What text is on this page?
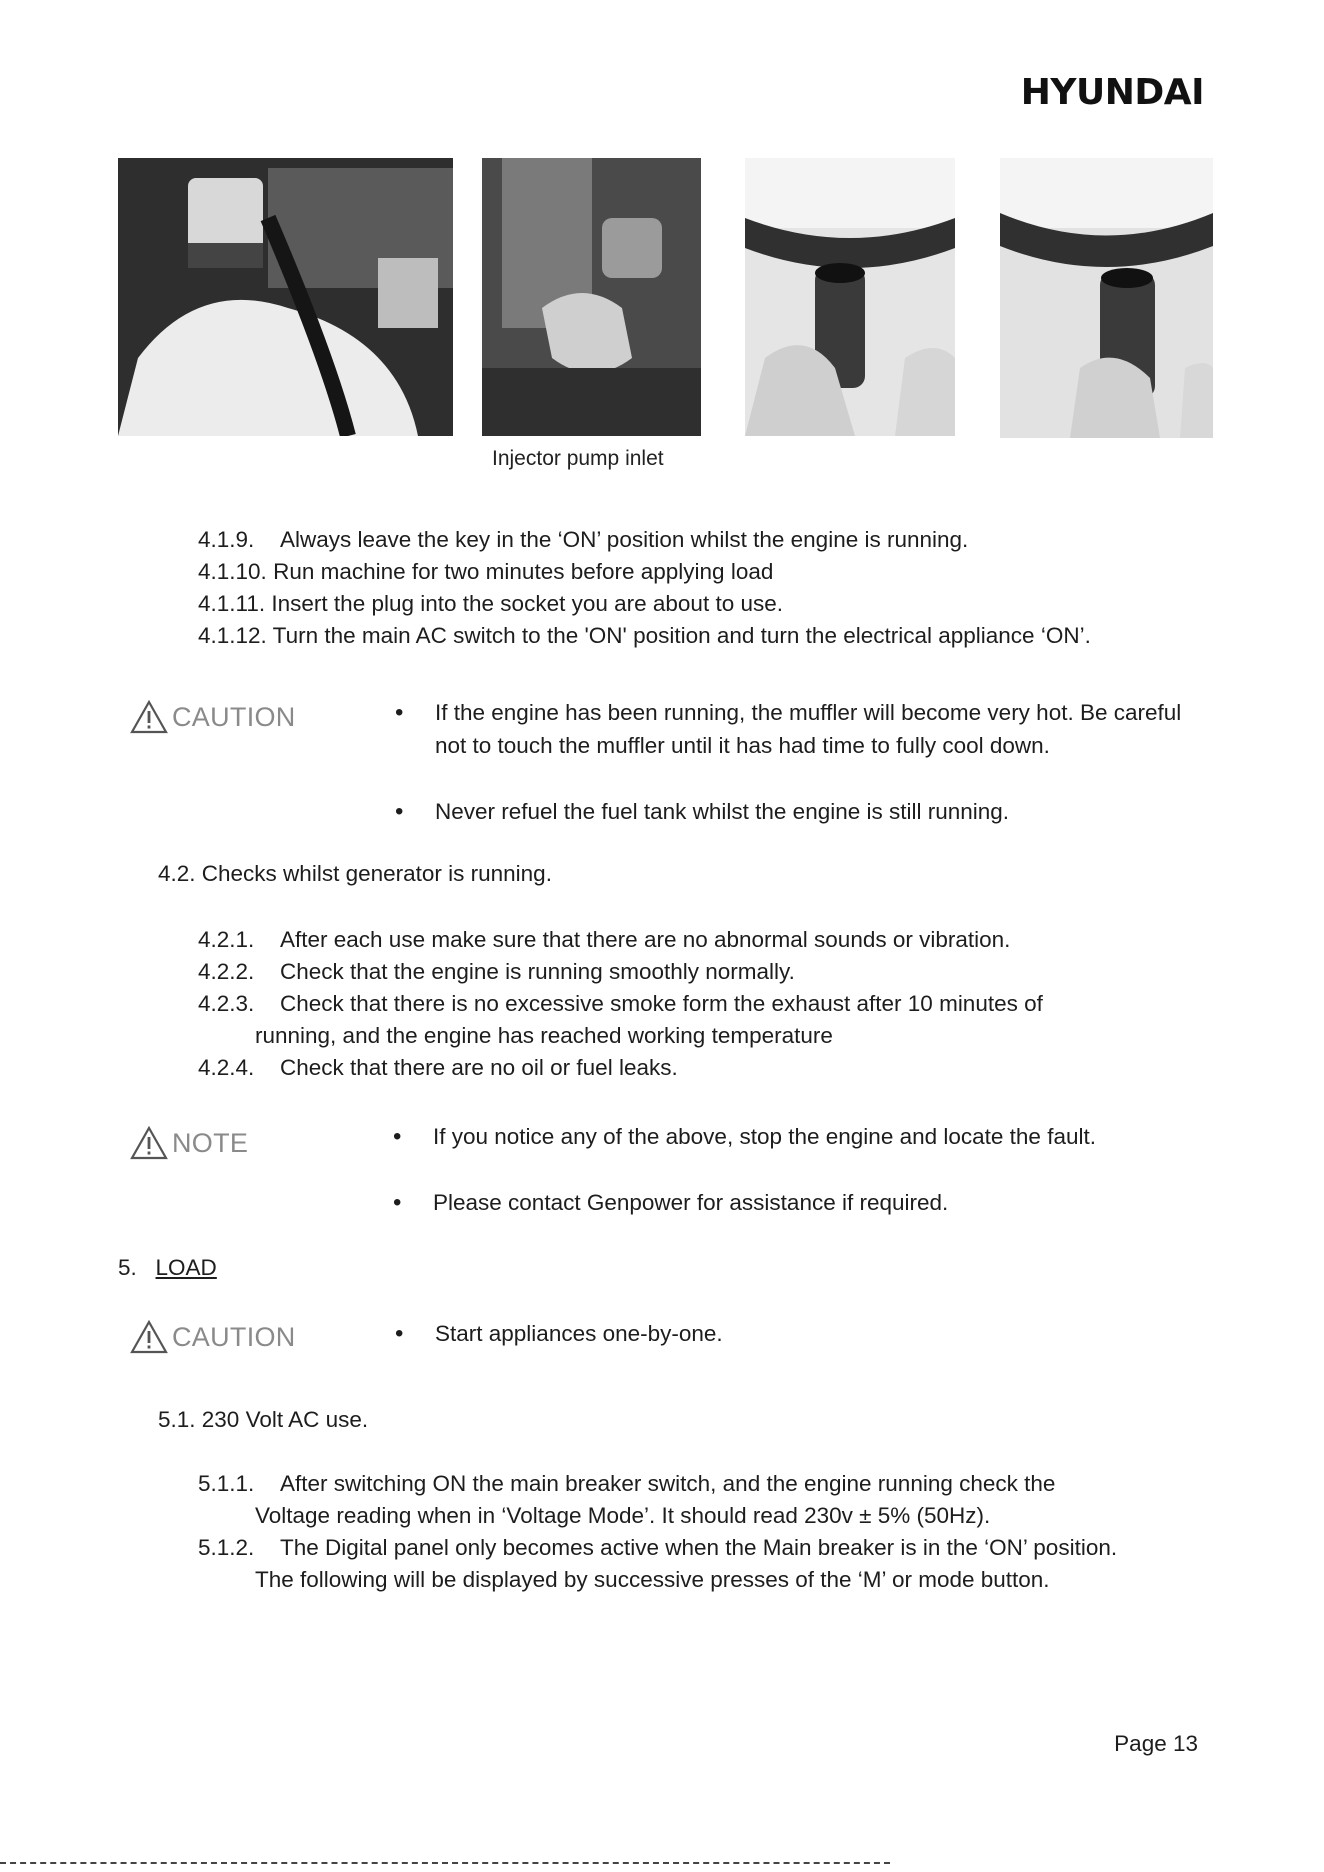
HYUNDAI
Injector pump inlet
4.1.9. Always leave the key in the ‘ON’ position whilst the engine is running.
4.1.10. Run machine for two minutes before applying load
4.1.11. Insert the plug into the socket you are about to use.
4.1.12. Turn the main AC switch to the 'ON' position and turn the electrical appliance ‘ON’.
CAUTION	• If the engine has been running, the muffler will become very hot. Be careful not to touch the muffler until it has had time to fully cool down.
• Never refuel the fuel tank whilst the engine is still running.
4.2. Checks whilst generator is running.
4.2.1. After each use make sure that there are no abnormal sounds or vibration.
4.2.2. Check that the engine is running smoothly normally.
4.2.3. Check that there is no excessive smoke form the exhaust after 10 minutes of
running, and the engine has reached working temperature
4.2.4. Check that there are no oil or fuel leaks.
NOTE	• If you notice any of the above, stop the engine and locate the fault.
• Please contact Genpower for assistance if required.
5. LOAD
CAUTION	• Start appliances one-by-one.
5.1. 230 Volt AC use.
5.1.1. After switching ON the main breaker switch, and the engine running check the
Voltage reading when in ‘Voltage Mode’. It should read 230v ± 5% (50Hz).
5.1.2. The Digital panel only becomes active when the Main breaker is in the ‘ON’ position.
The following will be displayed by successive presses of the ‘M’ or mode button.
Page 13
